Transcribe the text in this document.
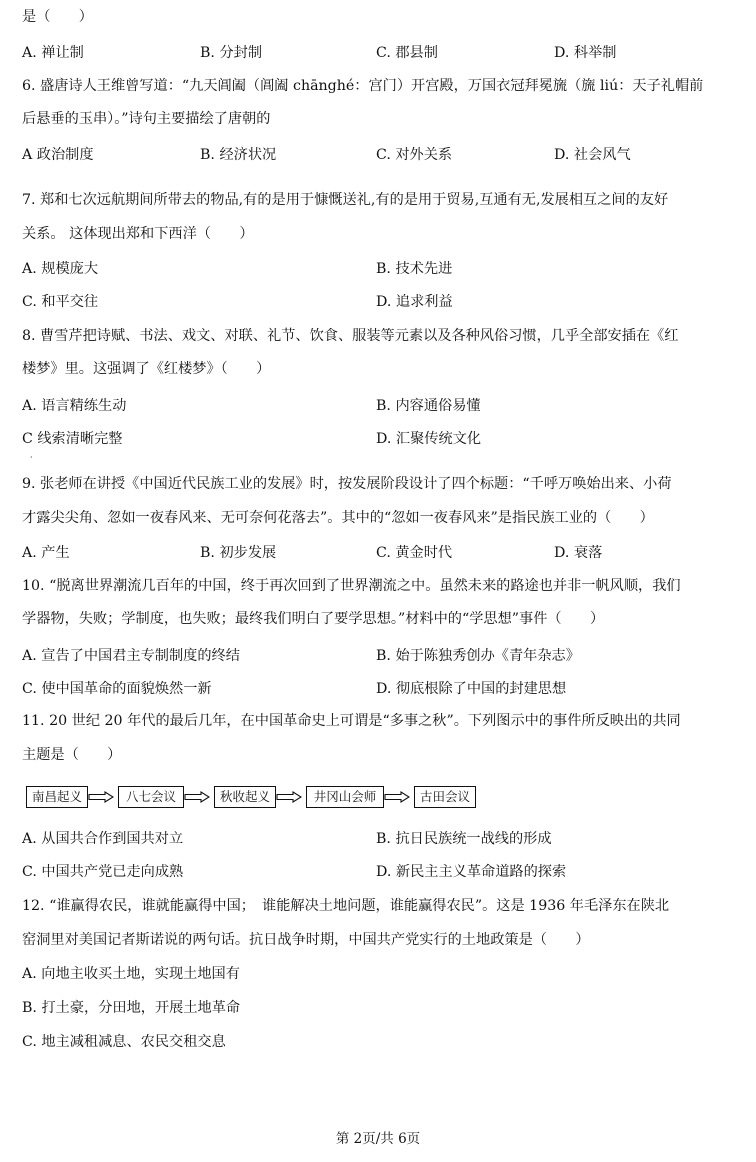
是（　　）
A. 禅让制	B. 分封制	C. 郡县制	D. 科举制
6. 盛唐诗人王维曾写道：“九天阊阖（阊阖 chānghé：宫门）开宫殿，万国衣冠拜冕旒（旒 liú：天子礼帽前
后悬垂的玉串）。”诗句主要描绘了唐朝的
A 政治制度	B. 经济状况	C. 对外关系	D. 社会风气
7. 郑和七次远航期间所带去的物品,有的是用于慷慨送礼,有的是用于贸易,互通有无,发展相互之间的友好
关系。 这体现出郑和下西洋（　　）
A. 规模庞大	B. 技术先进
C. 和平交往	D. 追求利益
8. 曹雪芹把诗赋、书法、戏文、对联、礼节、饮食、服装等元素以及各种风俗习惯，几乎全部安插在《红
楼梦》里。这强调了《红楼梦》（　　）
A. 语言精练生动	B. 内容通俗易懂
C 线索清晰完整	D. 汇聚传统文化
·
9. 张老师在讲授《中国近代民族工业的发展》时，按发展阶段设计了四个标题：“千呼万唤始出来、小荷
才露尖尖角、忽如一夜春风来、无可奈何花落去”。其中的“忽如一夜春风来”是指民族工业的（　　）
A. 产生	B. 初步发展	C. 黄金时代	D. 衰落
10. “脱离世界潮流几百年的中国，终于再次回到了世界潮流之中。虽然未来的路途也并非一帆风顺，我们
学器物，失败；学制度，也失败；最终我们明白了要学思想。”材料中的“学思想”事件（　　）
A. 宣告了中国君主专制制度的终结	B. 始于陈独秀创办《青年杂志》
C. 使中国革命的面貌焕然一新	D. 彻底根除了中国的封建思想
11. 20 世纪 20 年代的最后几年，在中国革命史上可谓是“多事之秋”。下列图示中的事件所反映出的共同
主题是（　　）
南昌起义	八七会议	秋收起义	井冈山会师	古田会议
A. 从国共合作到国共对立	B. 抗日民族统一战线的形成
C. 中国共产党已走向成熟	D. 新民主主义革命道路的探索
12. “谁赢得农民，谁就能赢得中国；　谁能解决土地问题，谁能赢得农民”。这是 1936 年毛泽东在陕北
窑洞里对美国记者斯诺说的两句话。抗日战争时期，中国共产党实行的土地政策是（　　）
A. 向地主收买土地，实现土地国有
B. 打土豪，分田地，开展土地革命
C. 地主减租减息、农民交租交息
第 2页/共 6页
